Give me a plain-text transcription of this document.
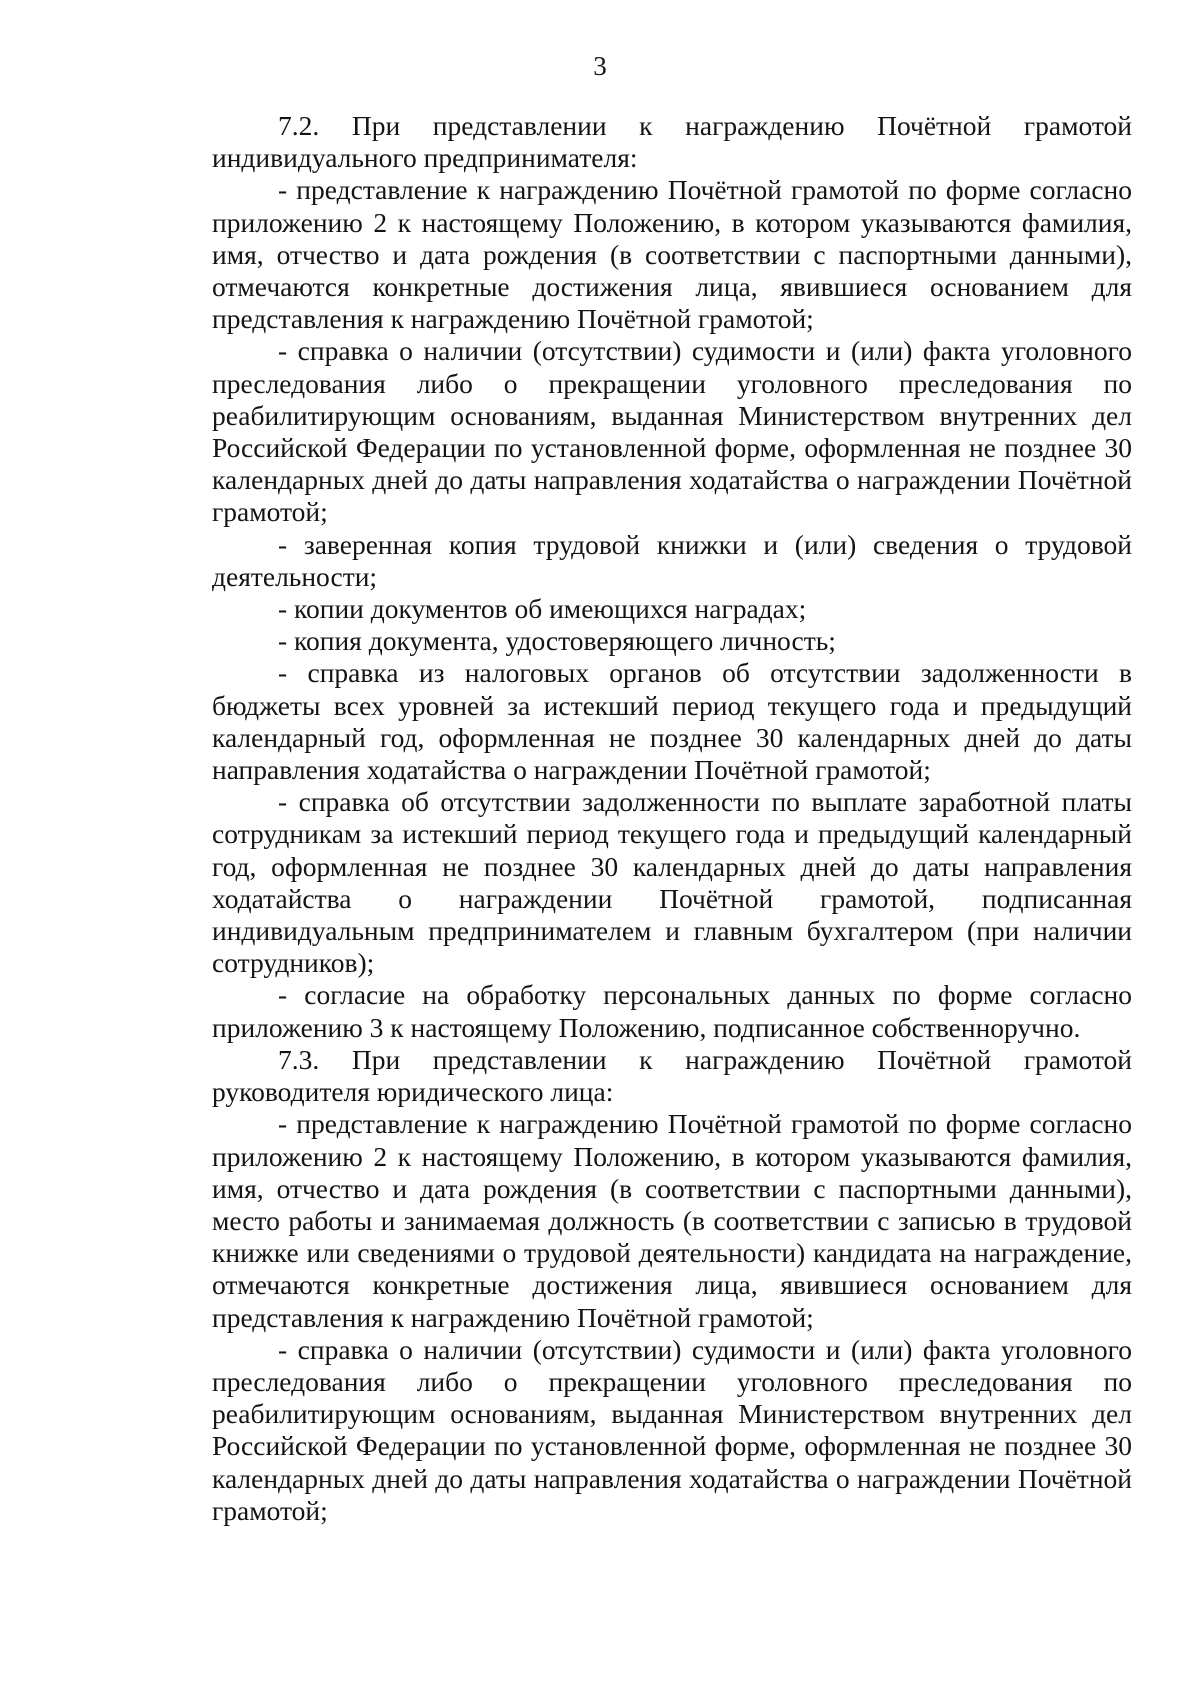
3

7.2. При представлении к награждению Почётной грамотой индивидуального предпринимателя:

- представление к награждению Почётной грамотой по форме согласно приложению 2 к настоящему Положению, в котором указываются фамилия, имя, отчество и дата рождения (в соответствии с паспортными данными), отмечаются конкретные достижения лица, явившиеся основанием для представления к награждению Почётной грамотой;

- справка о наличии (отсутствии) судимости и (или) факта уголовного преследования либо о прекращении уголовного преследования по реабилитирующим основаниям, выданная Министерством внутренних дел Российской Федерации по установленной форме, оформленная не позднее 30 календарных дней до даты направления ходатайства о награждении Почётной грамотой;

- заверенная копия трудовой книжки и (или) сведения о трудовой деятельности;

- копии документов об имеющихся наградах;

- копия документа, удостоверяющего личность;

- справка из налоговых органов об отсутствии задолженности в бюджеты всех уровней за истекший период текущего года и предыдущий календарный год, оформленная не позднее 30 календарных дней до даты направления ходатайства о награждении Почётной грамотой;

- справка об отсутствии задолженности по выплате заработной платы сотрудникам за истекший период текущего года и предыдущий календарный год, оформленная не позднее 30 календарных дней до даты направления ходатайства о награждении Почётной грамотой, подписанная индивидуальным предпринимателем и главным бухгалтером (при наличии сотрудников);

- согласие на обработку персональных данных по форме согласно приложению 3 к настоящему Положению, подписанное собственноручно.

7.3. При представлении к награждению Почётной грамотой руководителя юридического лица:

- представление к награждению Почётной грамотой по форме согласно приложению 2 к настоящему Положению, в котором указываются фамилия, имя, отчество и дата рождения (в соответствии с паспортными данными), место работы и занимаемая должность (в соответствии с записью в трудовой книжке или сведениями о трудовой деятельности) кандидата на награждение, отмечаются конкретные достижения лица, явившиеся основанием для представления к награждению Почётной грамотой;

- справка о наличии (отсутствии) судимости и (или) факта уголовного преследования либо о прекращении уголовного преследования по реабилитирующим основаниям, выданная Министерством внутренних дел Российской Федерации по установленной форме, оформленная не позднее 30 календарных дней до даты направления ходатайства о награждении Почётной грамотой;
